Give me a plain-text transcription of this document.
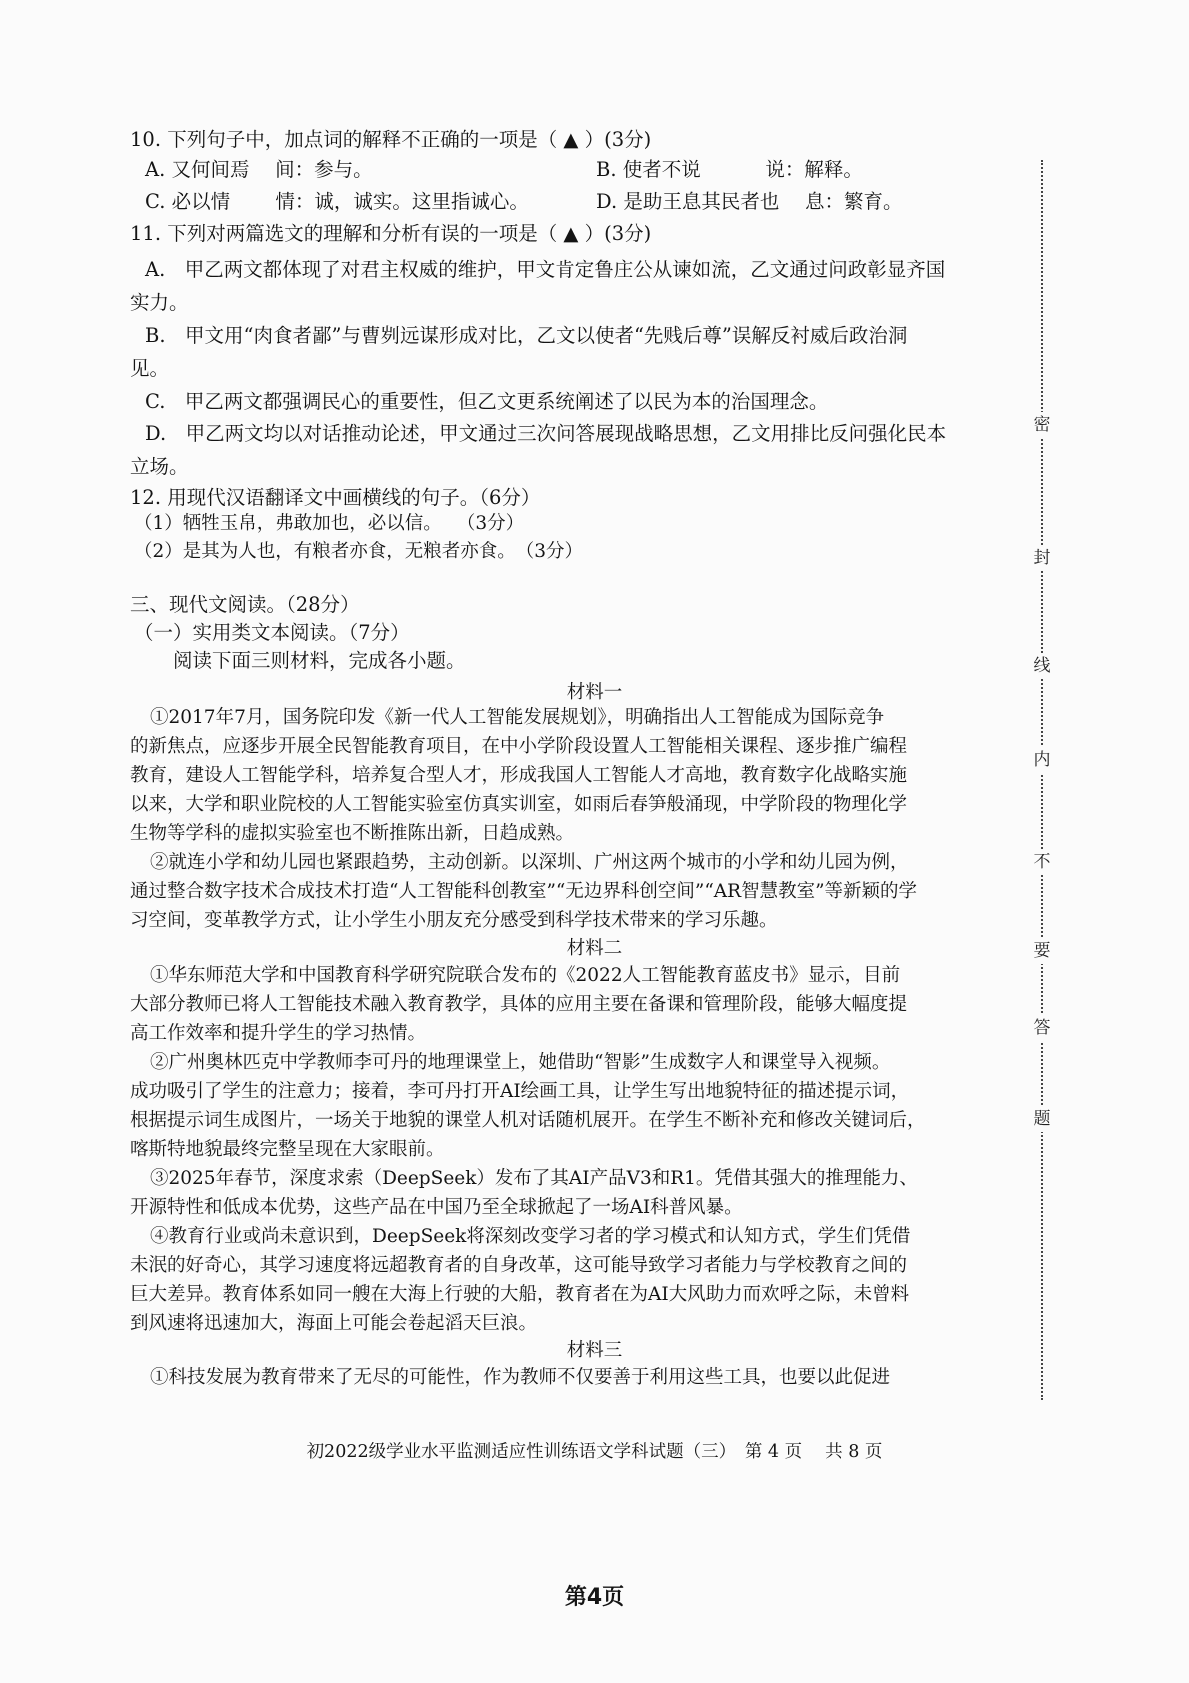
10. 下列句子中，加点词的解释不正确的一项是（ ▲ ）(3分)
A. 又何间焉　 间：参与。	B. 使者不说　　　 说：解释。
C. 必以情　　 情：诚，诚实。这里指诚心。	D. 是助王息其民者也　 息：繁育。
11. 下列对两篇选文的理解和分析有误的一项是（ ▲ ）(3分)
A.　甲乙两文都体现了对君主权威的维护，甲文肯定鲁庄公从谏如流，乙文通过问政彰显齐国
实力。
B.　甲文用“肉食者鄙”与曹刿远谋形成对比，乙文以使者“先贱后尊”误解反衬威后政治洞
见。
C.　甲乙两文都强调民心的重要性，但乙文更系统阐述了以民为本的治国理念。
D.　甲乙两文均以对话推动论述，甲文通过三次问答展现战略思想，乙文用排比反问强化民本
立场。
12. 用现代汉语翻译文中画横线的句子。（6分）
（1）牺牲玉帛，弗敢加也，必以信。　 （3分）
（2）是其为人也，有粮者亦食，无粮者亦食。　（3分）
三、现代文阅读。（28分）
（一）实用类文本阅读。（7分）
阅读下面三则材料，完成各小题。
材料一
①2017年7月，国务院印发《新一代人工智能发展规划》，明确指出人工智能成为国际竞争
的新焦点，应逐步开展全民智能教育项目，在中小学阶段设置人工智能相关课程、逐步推广编程
教育，建设人工智能学科，培养复合型人才，形成我国人工智能人才高地，教育数字化战略实施
以来，大学和职业院校的人工智能实验室仿真实训室，如雨后春笋般涌现，中学阶段的物理化学
生物等学科的虚拟实验室也不断推陈出新，日趋成熟。
②就连小学和幼儿园也紧跟趋势，主动创新。以深圳、广州这两个城市的小学和幼儿园为例，
通过整合数字技术合成技术打造“人工智能科创教室”“无边界科创空间”“AR智慧教室”等新颖的学
习空间，变革教学方式，让小学生小朋友充分感受到科学技术带来的学习乐趣。
材料二
①华东师范大学和中国教育科学研究院联合发布的《2022人工智能教育蓝皮书》显示，目前
大部分教师已将人工智能技术融入教育教学，具体的应用主要在备课和管理阶段，能够大幅度提
高工作效率和提升学生的学习热情。
②广州奥林匹克中学教师李可丹的地理课堂上，她借助“智影”生成数字人和课堂导入视频。
成功吸引了学生的注意力；接着，李可丹打开AI绘画工具，让学生写出地貌特征的描述提示词，
根据提示词生成图片，一场关于地貌的课堂人机对话随机展开。在学生不断补充和修改关键词后，
喀斯特地貌最终完整呈现在大家眼前。
③2025年春节，深度求索（DeepSeek）发布了其AI产品V3和R1。凭借其强大的推理能力、
开源特性和低成本优势，这些产品在中国乃至全球掀起了一场AI科普风暴。
④教育行业或尚未意识到，DeepSeek将深刻改变学习者的学习模式和认知方式，学生们凭借
未泯的好奇心，其学习速度将远超教育者的自身改革，这可能导致学习者能力与学校教育之间的
巨大差异。教育体系如同一艘在大海上行驶的大船，教育者在为AI大风助力而欢呼之际，未曾料
到风速将迅速加大，海面上可能会卷起滔天巨浪。
材料三
①科技发展为教育带来了无尽的可能性，作为教师不仅要善于利用这些工具，也要以此促进
密
封
线
内
不
要
答
题
初2022级学业水平监测适应性训练语文学科试题（三）　第 4 页　 共 8 页
第4页
